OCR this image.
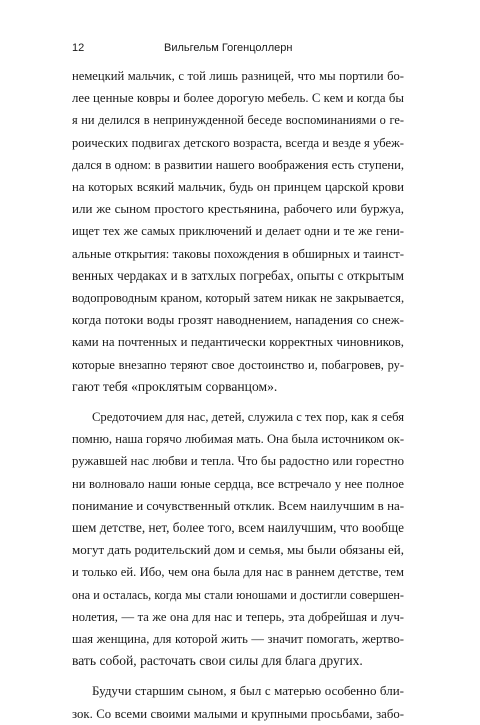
12	Вильгельм Гогенцоллерн

немецкий мальчик, с той лишь разницей, что мы портили бо-
лее ценные ковры и более дорогую мебель. С кем и когда бы
я ни делился в непринужденной беседе воспоминаниями о ге-
роических подвигах детского возраста, всегда и везде я убеж-
дался в одном: в развитии нашего воображения есть ступени,
на которых всякий мальчик, будь он принцем царской крови
или же сыном простого крестьянина, рабочего или буржуа,
ищет тех же самых приключений и делает одни и те же гени-
альные открытия: таковы похождения в обширных и таинст-
венных чердаках и в затхлых погребах, опыты с открытым
водопроводным краном, который затем никак не закрывается,
когда потоки воды грозят наводнением, нападения со снеж-
ками на почтенных и педантически корректных чиновников,
которые внезапно теряют свое достоинство и, побагровев, ру-
гают тебя «проклятым сорванцом».

Средоточием для нас, детей, служила с тех пор, как я себя
помню, наша горячо любимая мать. Она была источником ок-
ружавшей нас любви и тепла. Что бы радостно или горестно
ни волновало наши юные сердца, все встречало у нее полное
понимание и сочувственный отклик. Всем наилучшим в на-
шем детстве, нет, более того, всем наилучшим, что вообще
могут дать родительский дом и семья, мы были обязаны ей,
и только ей. Ибо, чем она была для нас в раннем детстве, тем
она и осталась, когда мы стали юношами и достигли совершен-
нолетия, — та же она для нас и теперь, эта добрейшая и луч-
шая женщина, для которой жить — значит помогать, жертво-
вать собой, расточать свои силы для блага других.

Будучи старшим сыном, я был с матерью особенно бли-
зок. Со всеми своими малыми и крупными просьбами, забо-
